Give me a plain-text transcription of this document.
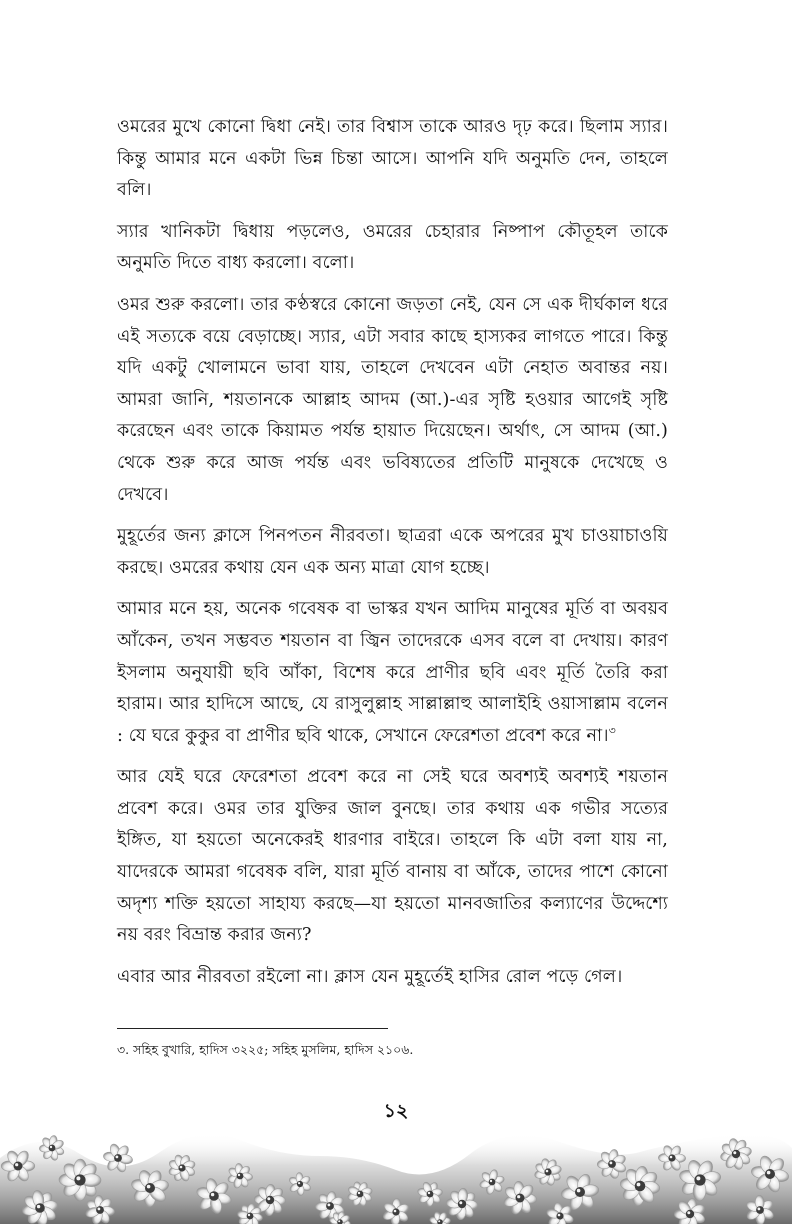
ওমরের মুখে কোনো দ্বিধা নেই। তার বিশ্বাস তাকে আরও দৃঢ় করে। ছিলাম স্যার। কিন্তু আমার মনে একটা ভিন্ন চিন্তা আসে। আপনি যদি অনুমতি দেন, তাহলে বলি।

স্যার খানিকটা দ্বিধায় পড়লেও, ওমরের চেহারার নিষ্পাপ কৌতূহল তাকে অনুমতি দিতে বাধ্য করলো। বলো।

ওমর শুরু করলো। তার কণ্ঠস্বরে কোনো জড়তা নেই, যেন সে এক দীর্ঘকাল ধরে এই সত্যকে বয়ে বেড়াচ্ছে। স্যার, এটা সবার কাছে হাস্যকর লাগতে পারে। কিন্তু যদি একটু খোলামনে ভাবা যায়, তাহলে দেখবেন এটা নেহাত অবান্তর নয়। আমরা জানি, শয়তানকে আল্লাহ আদম (আ.)-এর সৃষ্টি হওয়ার আগেই সৃষ্টি করেছেন এবং তাকে কিয়ামত পর্যন্ত হায়াত দিয়েছেন। অর্থাৎ, সে আদম (আ.) থেকে শুরু করে আজ পর্যন্ত এবং ভবিষ্যতের প্রতিটি মানুষকে দেখেছে ও দেখবে।

মুহূর্তের জন্য ক্লাসে পিনপতন নীরবতা। ছাত্ররা একে অপরের মুখ চাওয়াচাওয়ি করছে। ওমরের কথায় যেন এক অন্য মাত্রা যোগ হচ্ছে।

আমার মনে হয়, অনেক গবেষক বা ভাস্কর যখন আদিম মানুষের মূর্তি বা অবয়ব আঁকেন, তখন সম্ভবত শয়তান বা জ্বিন তাদেরকে এসব বলে বা দেখায়। কারণ ইসলাম অনুযায়ী ছবি আঁকা, বিশেষ করে প্রাণীর ছবি এবং মূর্তি তৈরি করা হারাম। আর হাদিসে আছে, যে রাসুলুল্লাহ সাল্লাল্লাহু আলাইহি ওয়াসাল্লাম বলেন : যে ঘরে কুকুর বা প্রাণীর ছবি থাকে, সেখানে ফেরেশতা প্রবেশ করে না।$^৩$

আর যেই ঘরে ফেরেশতা প্রবেশ করে না সেই ঘরে অবশ্যই অবশ্যই শয়তান প্রবেশ করে। ওমর তার যুক্তির জাল বুনছে। তার কথায় এক গভীর সত্যের ইঙ্গিত, যা হয়তো অনেকেরই ধারণার বাইরে। তাহলে কি এটা বলা যায় না, যাদেরকে আমরা গবেষক বলি, যারা মূর্তি বানায় বা আঁকে, তাদের পাশে কোনো অদৃশ্য শক্তি হয়তো সাহায্য করছে—যা হয়তো মানবজাতির কল্যাণের উদ্দেশ্যে নয় বরং বিভ্রান্ত করার জন্য?

এবার আর নীরবতা রইলো না। ক্লাস যেন মুহূর্তেই হাসির রোল পড়ে গেল।

৩. সহিহ বুখারি, হাদিস ৩২২৫; সহিহ মুসলিম, হাদিস ২১০৬.

১২
